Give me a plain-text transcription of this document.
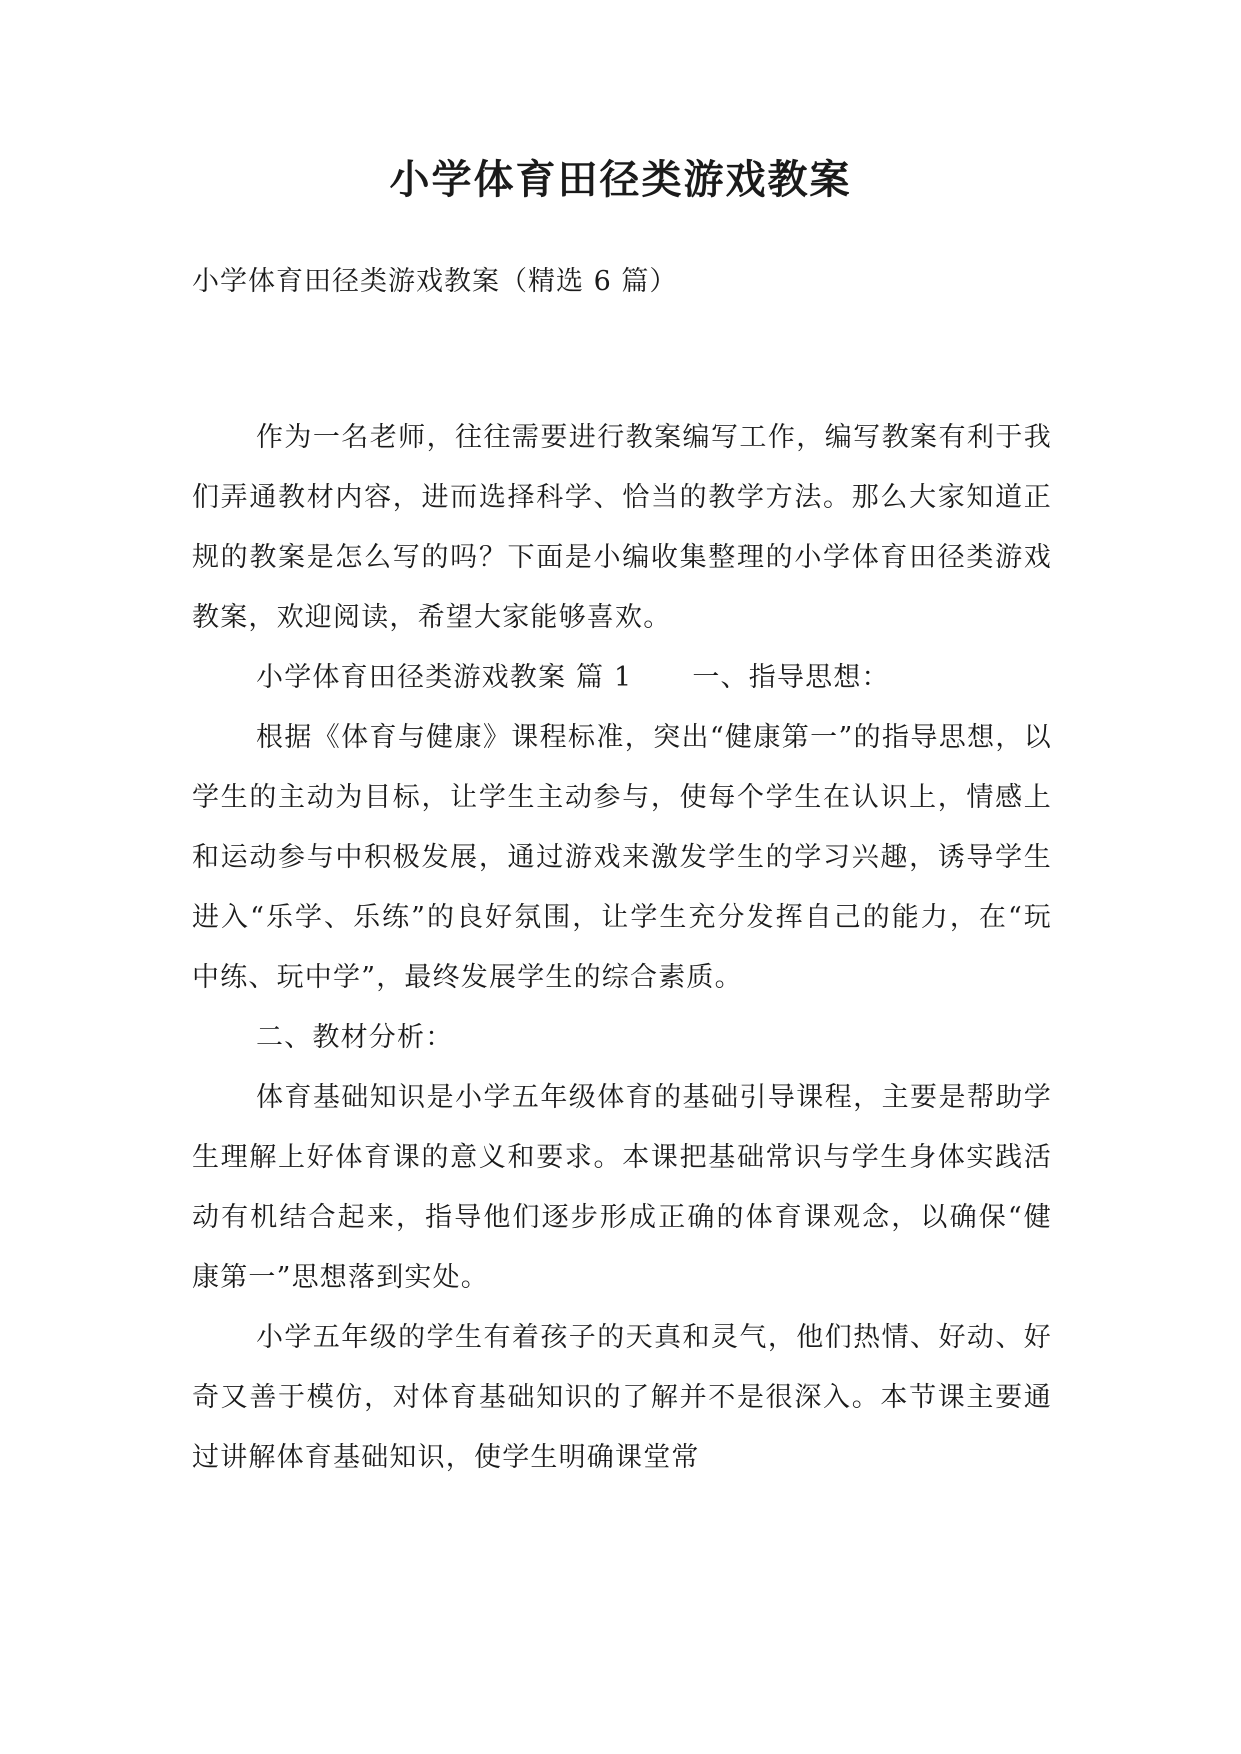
小学体育田径类游戏教案

小学体育田径类游戏教案（精选 6 篇）

作为一名老师，往往需要进行教案编写工作，编写教案有利于我们弄通教材内容，进而选择科学、恰当的教学方法。那么大家知道正规的教案是怎么写的吗？下面是小编收集整理的小学体育田径类游戏教案，欢迎阅读，希望大家能够喜欢。

小学体育田径类游戏教案 篇 1 一、指导思想：

根据《体育与健康》课程标准，突出“健康第一”的指导思想，以学生的主动为目标，让学生主动参与，使每个学生在认识上，情感上和运动参与中积极发展，通过游戏来激发学生的学习兴趣，诱导学生进入“乐学、乐练”的良好氛围，让学生充分发挥自己的能力，在“玩中练、玩中学”，最终发展学生的综合素质。

二、教材分析：

体育基础知识是小学五年级体育的基础引导课程，主要是帮助学生理解上好体育课的意义和要求。本课把基础常识与学生身体实践活动有机结合起来，指导他们逐步形成正确的体育课观念，以确保“健康第一”思想落到实处。

小学五年级的学生有着孩子的天真和灵气，他们热情、好动、好奇又善于模仿，对体育基础知识的了解并不是很深入。本节课主要通过讲解体育基础知识，使学生明确课堂常
